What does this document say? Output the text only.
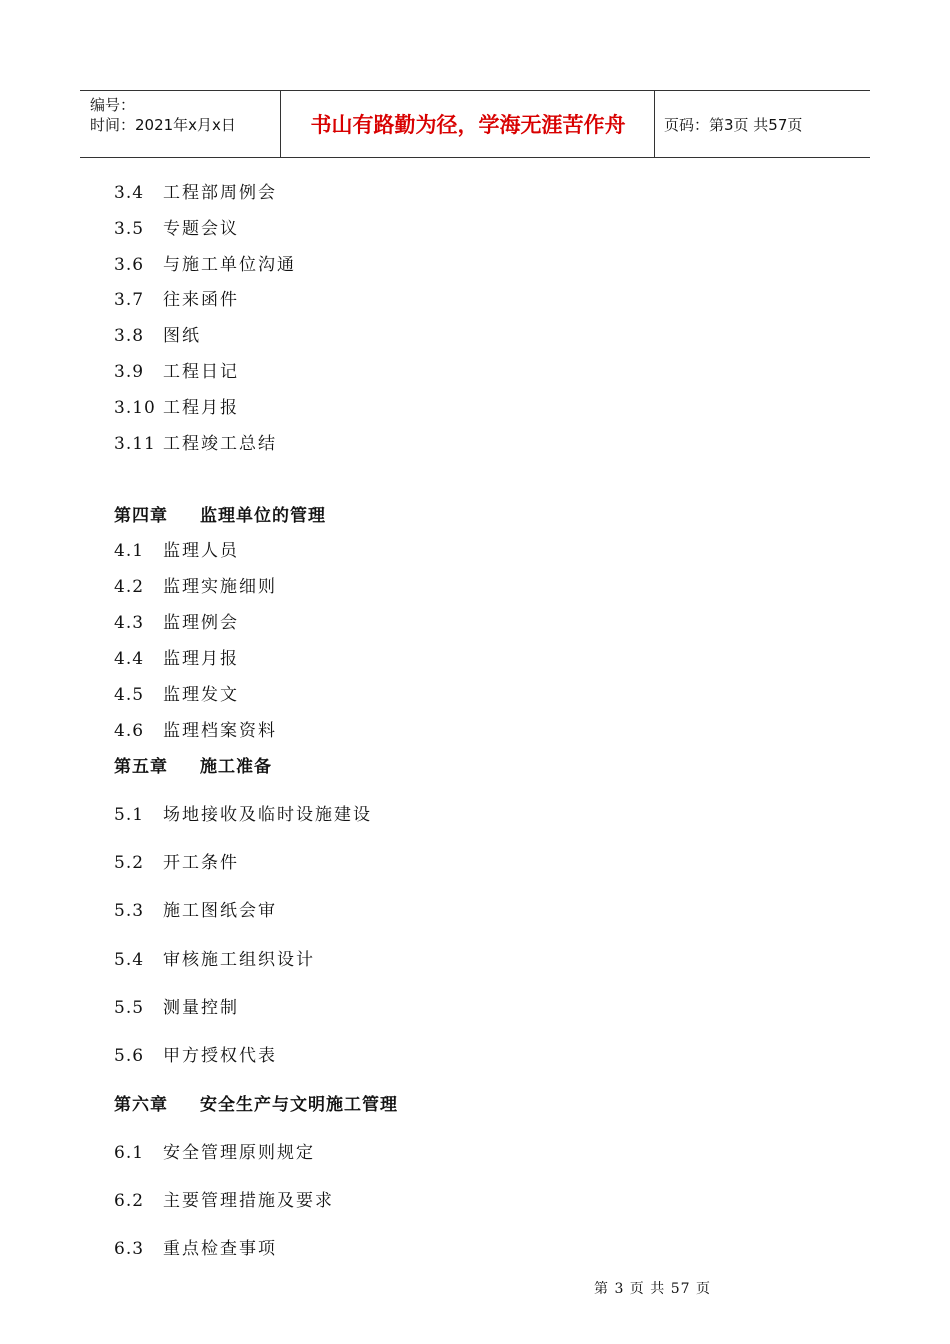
编号：
时间：2021年x月x日	书山有路勤为径，学海无涯苦作舟	页码：第3页 共57页
3.4 工程部周例会
3.5 专题会议
3.6 与施工单位沟通
3.7 往来函件
3.8 图纸
3.9 工程日记
3.10 工程月报
3.11 工程竣工总结
第四章 监理单位的管理
4.1 监理人员
4.2 监理实施细则
4.3 监理例会
4.4 监理月报
4.5 监理发文
4.6 监理档案资料
第五章 施工准备
5.1 场地接收及临时设施建设
5.2 开工条件
5.3 施工图纸会审
5.4 审核施工组织设计
5.5 测量控制
5.6 甲方授权代表
第六章 安全生产与文明施工管理
6.1 安全管理原则规定
6.2 主要管理措施及要求
6.3 重点检查事项
第 3 页 共 57 页
